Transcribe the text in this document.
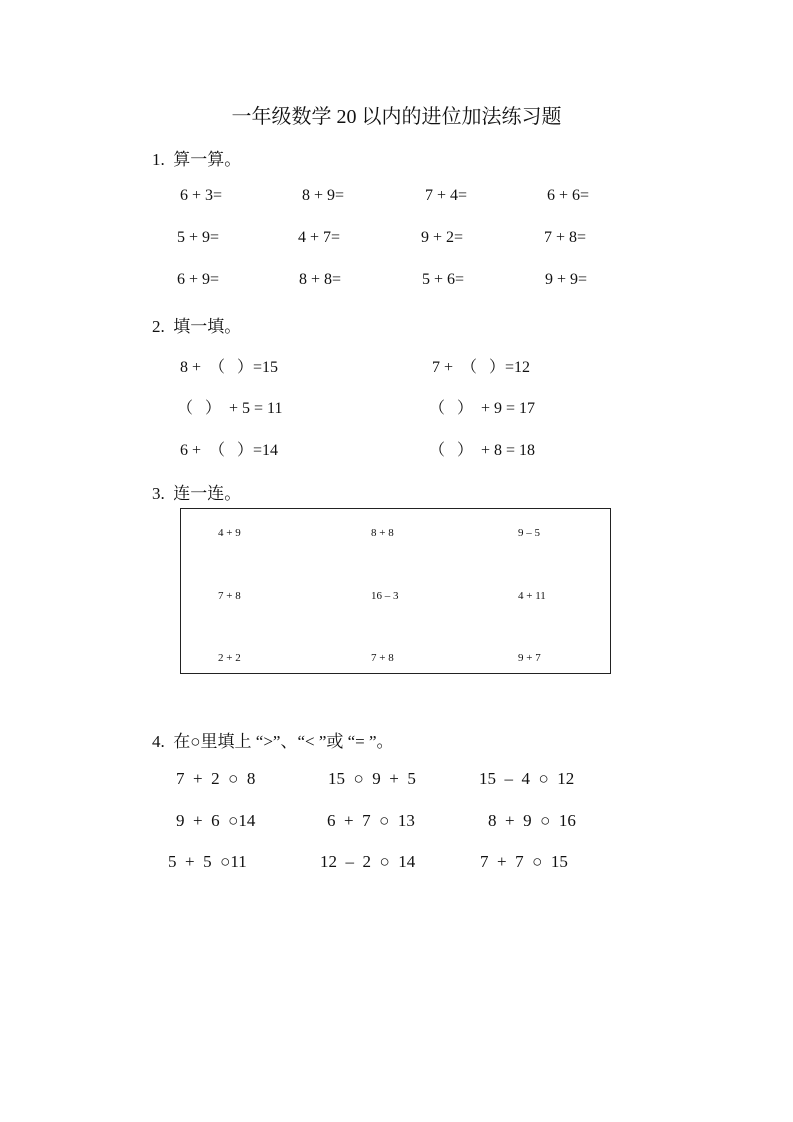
一年级数学 20 以内的进位加法练习题
1.  算一算。
6 + 3=	8 + 9=	7 + 4=	6 + 6=
5 + 9=	4 + 7=	9 + 2=	7 + 8=
6 + 9=	8 + 8=	5 + 6=	9 + 9=
2.  填一填。
8 +  （   ）=15	7 +  （   ）=12
（   ）  + 5 = 11	（   ）  + 9 = 17
6 +  （   ）=14	（   ）  + 8 = 18
3.  连一连。
4 + 9	8 + 8	9 – 5
7 + 8	16 – 3	4 + 11
2 + 2	7 + 8	9 + 7
4.  在○里填上 “>”、“< ”或 “= ”。
7  +  2  ○  8	15  ○  9  +  5	15  –  4  ○  12
9  +  6  ○14	6  +  7  ○  13	8  +  9  ○  16
5  +  5  ○11	12  –  2  ○  14	7  +  7  ○  15
